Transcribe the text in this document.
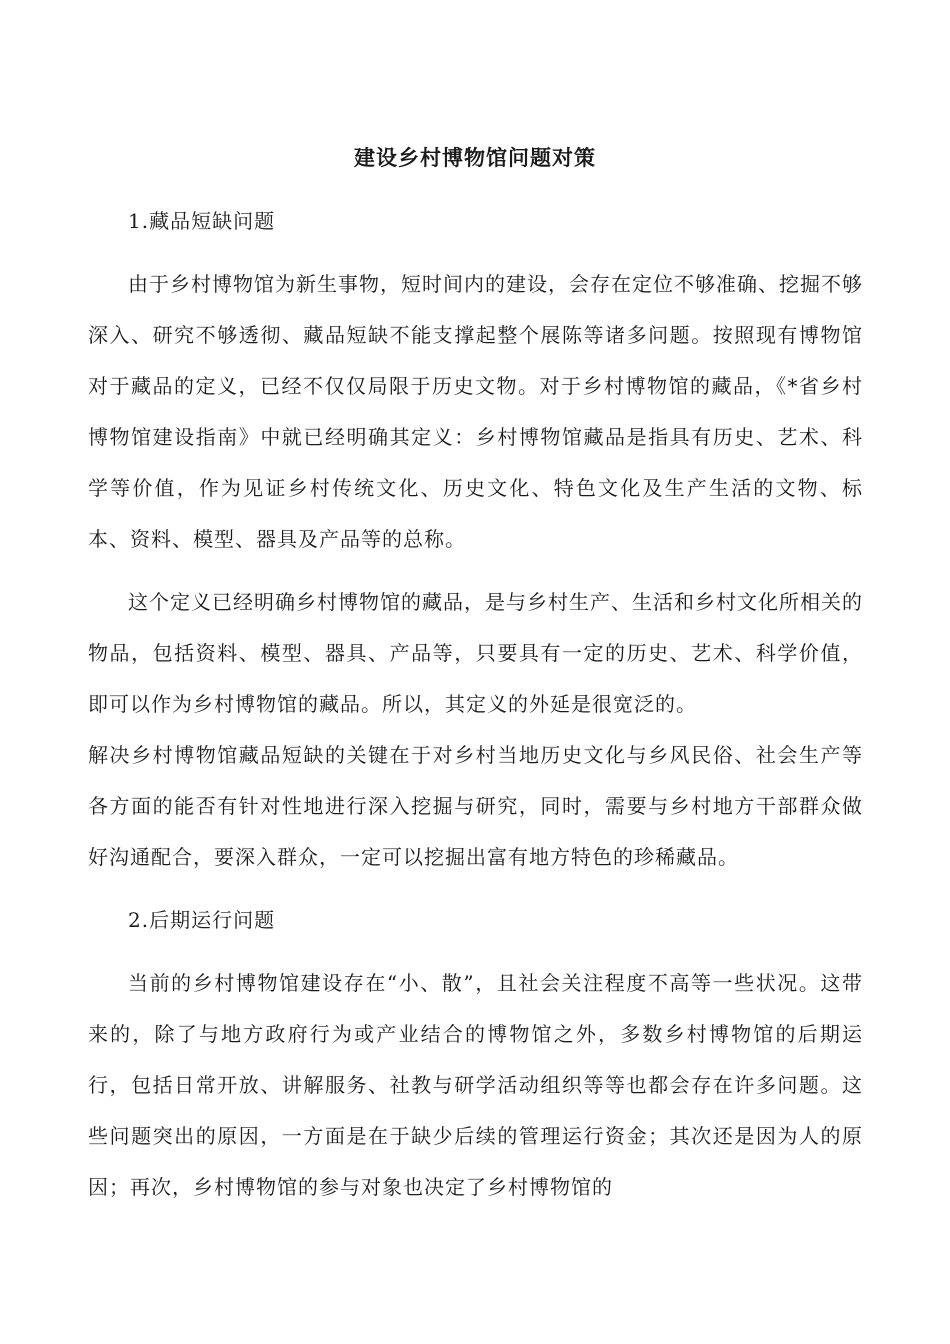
建设乡村博物馆问题对策

1.藏品短缺问题

由于乡村博物馆为新生事物，短时间内的建设，会存在定位不够准确、挖掘不够深入、研究不够透彻、藏品短缺不能支撑起整个展陈等诸多问题。按照现有博物馆对于藏品的定义，已经不仅仅局限于历史文物。对于乡村博物馆的藏品，《*省乡村博物馆建设指南》中就已经明确其定义：乡村博物馆藏品是指具有历史、艺术、科学等价值，作为见证乡村传统文化、历史文化、特色文化及生产生活的文物、标本、资料、模型、器具及产品等的总称。

这个定义已经明确乡村博物馆的藏品，是与乡村生产、生活和乡村文化所相关的物品，包括资料、模型、器具、产品等，只要具有一定的历史、艺术、科学价值，即可以作为乡村博物馆的藏品。所以，其定义的外延是很宽泛的。

解决乡村博物馆藏品短缺的关键在于对乡村当地历史文化与乡风民俗、社会生产等各方面的能否有针对性地进行深入挖掘与研究，同时，需要与乡村地方干部群众做好沟通配合，要深入群众，一定可以挖掘出富有地方特色的珍稀藏品。

2.后期运行问题

当前的乡村博物馆建设存在“小、散”，且社会关注程度不高等一些状况。这带来的，除了与地方政府行为或产业结合的博物馆之外，多数乡村博物馆的后期运行，包括日常开放、讲解服务、社教与研学活动组织等等也都会存在许多问题。这些问题突出的原因，一方面是在于缺少后续的管理运行资金；其次还是因为人的原因；再次，乡村博物馆的参与对象也决定了乡村博物馆的
